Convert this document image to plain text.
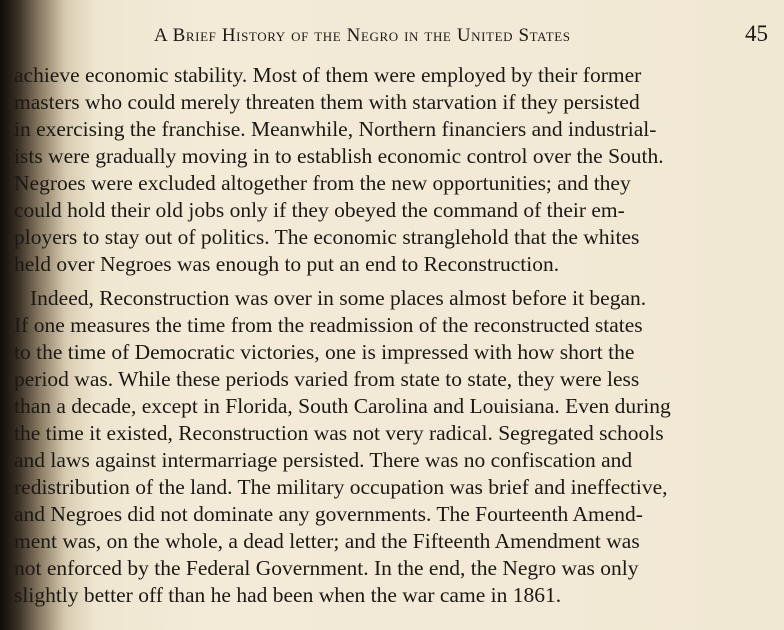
A Brief History of the Negro in the United States	45
achieve economic stability. Most of them were employed by their former
masters who could merely threaten them with starvation if they persisted
in exercising the franchise. Meanwhile, Northern financiers and industrial-
ists were gradually moving in to establish economic control over the South.
Negroes were excluded altogether from the new opportunities; and they
could hold their old jobs only if they obeyed the command of their em-
ployers to stay out of politics. The economic stranglehold that the whites
held over Negroes was enough to put an end to Reconstruction.
Indeed, Reconstruction was over in some places almost before it began.
If one measures the time from the readmission of the reconstructed states
to the time of Democratic victories, one is impressed with how short the
period was. While these periods varied from state to state, they were less
than a decade, except in Florida, South Carolina and Louisiana. Even during
the time it existed, Reconstruction was not very radical. Segregated schools
and laws against intermarriage persisted. There was no confiscation and
redistribution of the land. The military occupation was brief and ineffective,
and Negroes did not dominate any governments. The Fourteenth Amend-
ment was, on the whole, a dead letter; and the Fifteenth Amendment was
not enforced by the Federal Government. In the end, the Negro was only
slightly better off than he had been when the war came in 1861.
